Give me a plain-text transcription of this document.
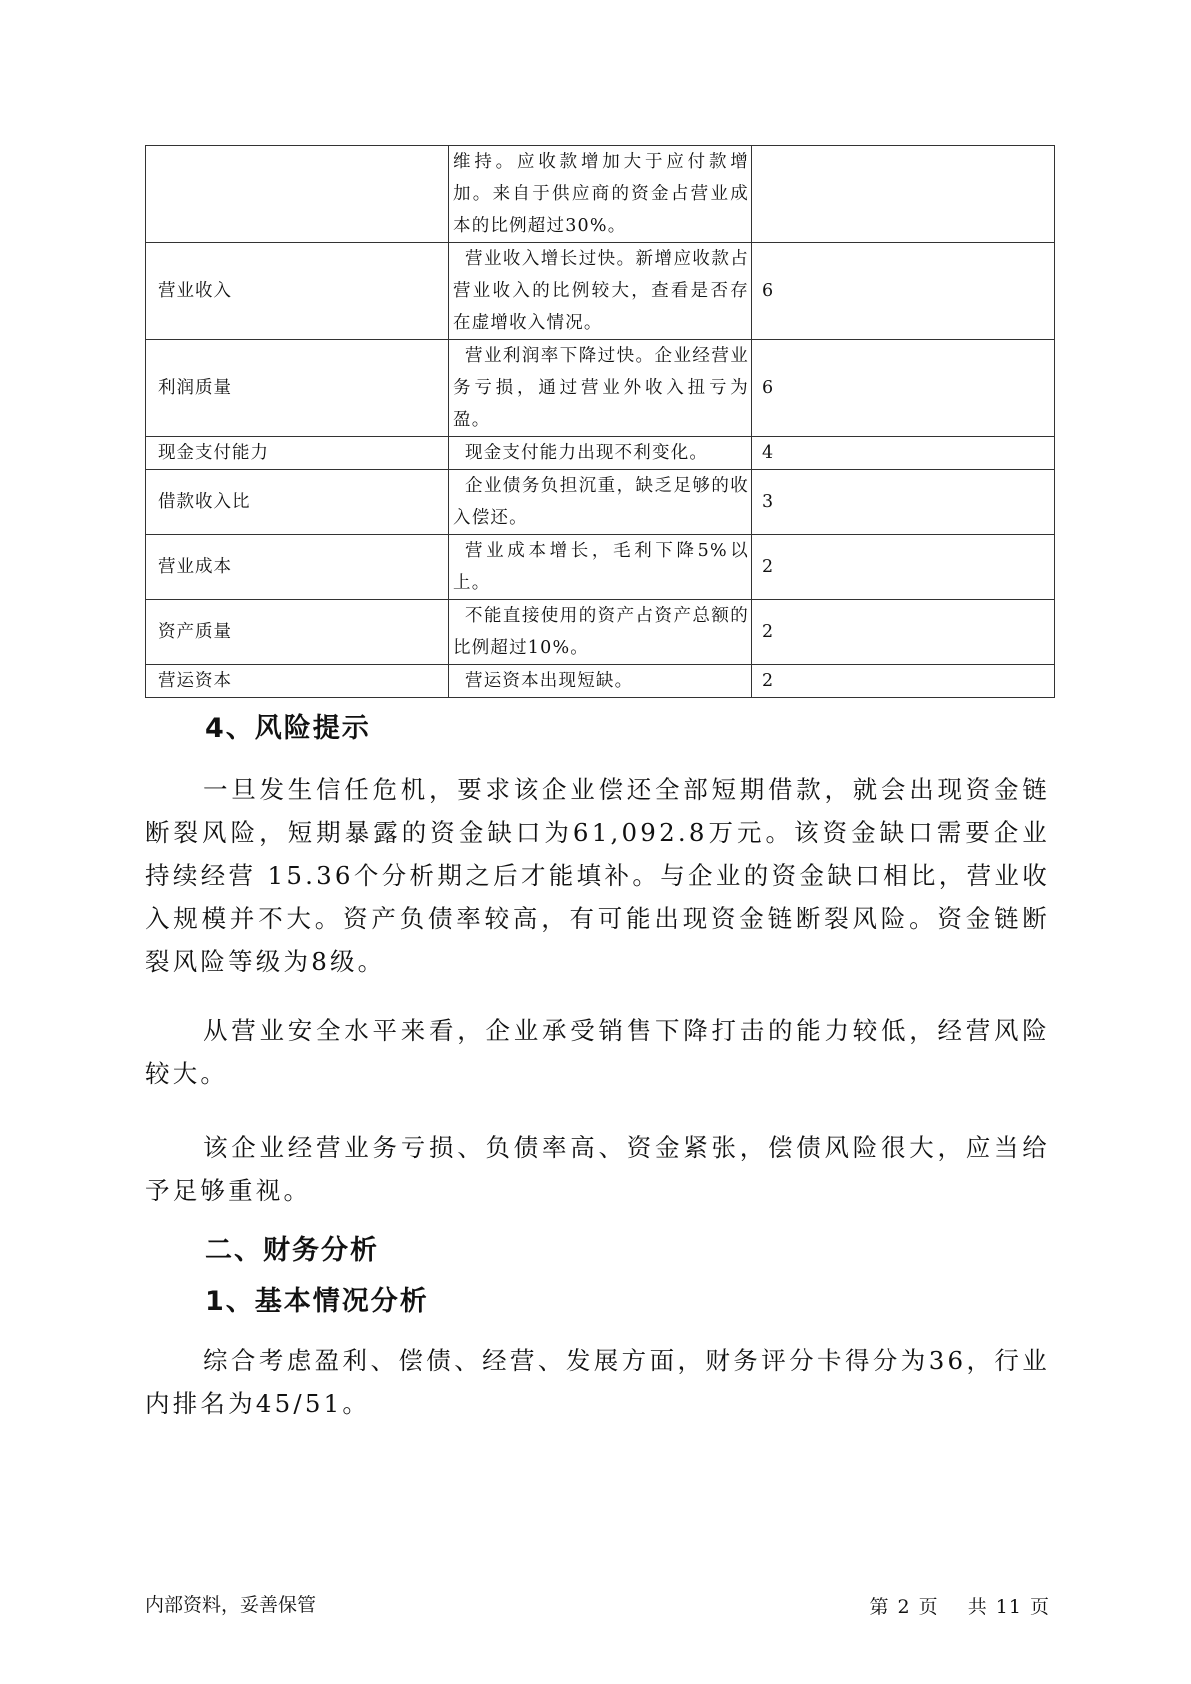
	维持。应收款增加大于应付款增加。来自于供应商的资金占营业成本的比例超过30%。	

营业收入	营业收入增长过快。新增应收款占营业收入的比例较大，查看是否存在虚增收入情况。	6
利润质量	营业利润率下降过快。企业经营业务亏损，通过营业外收入扭亏为盈。	6
现金支付能力	现金支付能力出现不利变化。	4
借款收入比	企业债务负担沉重，缺乏足够的收入偿还。	3
营业成本	营业成本增长，毛利下降5%以上。	2
资产质量	不能直接使用的资产占资产总额的比例超过10%。	2
营运资本	营运资本出现短缺。	2
4、风险提示

一旦发生信任危机，要求该企业偿还全部短期借款，就会出现资金链断裂风险，短期暴露的资金缺口为61,092.8万元。该资金缺口需要企业持续经营 15.36个分析期之后才能填补。与企业的资金缺口相比，营业收入规模并不大。资产负债率较高，有可能出现资金链断裂风险。资金链断裂风险等级为8级。

从营业安全水平来看，企业承受销售下降打击的能力较低，经营风险较大。

该企业经营业务亏损、负债率高、资金紧张，偿债风险很大，应当给予足够重视。

二、财务分析
1、基本情况分析

综合考虑盈利、偿债、经营、发展方面，财务评分卡得分为36，行业内排名为45/51。

内部资料，妥善保管	第 2 页 共 11 页
